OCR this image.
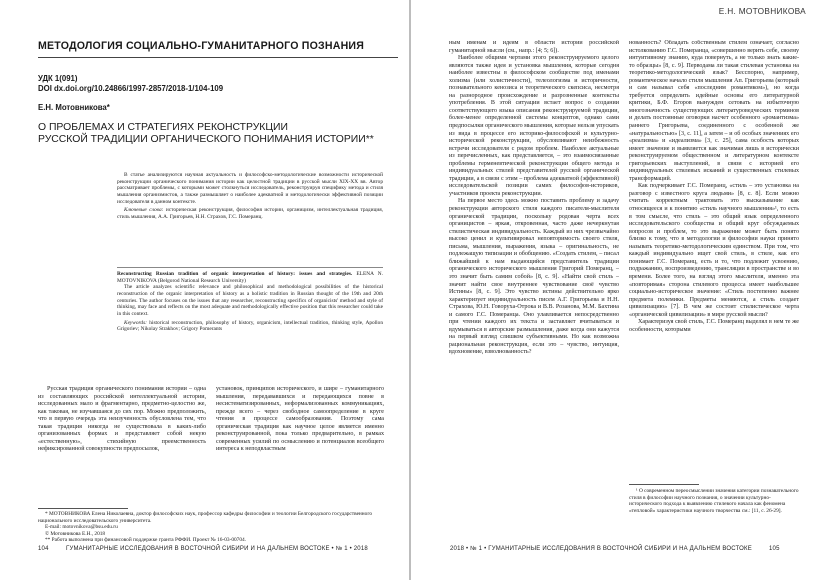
МЕТОДОЛОГИЯ СОЦИАЛЬНО-ГУМАНИТАРНОГО ПОЗНАНИЯ
УДК 1(091)
DOI dx.doi.org/10.24866/1997-2857/2018-1/104-109
Е.Н. Мотовникова*
О ПРОБЛЕМАХ И СТРАТЕГИЯХ РЕКОНСТРУКЦИИ
РУССКОЙ ТРАДИЦИИ ОРГАНИЧЕСКОГО ПОНИМАНИЯ ИСТОРИИ**

В статье анализируются научная актуальность и философско-методологические возможности исторической реконструкции органического понимания истории как целостной традиции в русской мысли XIX-XX вв. Автор рассматривает проблемы, с которыми может столкнуться исследователь, реконструируя специфику метода и стиля мышления организмистов, а также размышляет о наиболее адекватной и методологически эффективной позиции исследователя в данном контексте.

Ключевые слова: историческая реконструкция, философия истории, органицизм, интеллектуальная традиция, стиль мышления, А.А. Григорьев, Н.Н. Страхов, Г.С. Померанц.

Reconstructing Russian tradition of organic interpretation of history: issues and strategies. ELENA N. MOTOVNIKOVA (Belgorod National Research University)

The article analyzes scientific relevance and philosophical and methodological possibilities of the historical reconstruction of the organic interpretation of history as a holistic tradition in Russian thought of the 19th and 20th centuries. The author focuses on the issues that any researcher, reconstructing specifics of organicists' method and style of thinking, may face and reflects on the most adequate and methodologically effective position that this researcher could take in this context.

Keywords: historical reconstruction, philosophy of history, organicism, intellectual tradition, thinking style, Apollon Grigoriev; Nikolay Strakhov; Grigory Pomerants

Русская традиция органического понимания истории – одна из составляющих российской интеллектуальной истории, исследованных мало и фрагментарно, предметно-целостно же, как таковая, не изучавшаяся до сих пор. Можно предположить, что в первую очередь эта неизученность обусловлена тем, что такая традиция никогда не существовала в каких-либо организованных формах и представляет собой некую «естественную», стихийную преемственность нефиксированной совокупности предпосылок,

установок, принципов исторического, и шире – гуманитарного мышления, передававшихся и передающихся повнe в несистематизированных, неформализованных коммуникациях, прежде всего – через свободное самоопределение в круге чтения в процессе самообразования. Поэтому сама органическая традиция как научное целое является именно реконструированной, пока только предварительно, в рамках современных усилий по осмыслению и потенциалов всеобщего интереса к неподвластным

* МОТОВНИКОВА Елена Николаевна, доктор философских наук, профессор кафедры философии и теологии Белгородского государственного национального исследовательского университета.

E-mail: motovnikova@bsu.edu.ru

© Мотовникова Е.Н., 2018

** Работа выполнена при финансовой поддержке гранта РФФИ. Проект № 16-03-00704.

104	ГУМАНИТАРНЫЕ ИССЛЕДОВАНИЯ В ВОСТОЧНОЙ СИБИРИ И НА ДАЛЬНЕМ ВОСТОКЕ • № 1 • 2018
Е.Н. МОТОВНИКОВА

ным именам и идеям в области истории российской гуманитарной мысли (см., напр.: [4; 5; 6]).

Наиболее общими чертами этого реконструируемого целого являются также идея и установка мышления, которые сегодня наиболее известны в философском сообществе под именами холизма (или холистичности), телеологизма и историчности, познавательного кенозиса и теоретического скепсиса, несмотря на разнородное происхождение и разрозненные контексты употребления. В этой ситуации встает вопрос о создании соответствующего языка описания реконструируемой традиции, более-менее определенной системы концептов, однако сами предпосылки органического мышления, которые нельзя упускать из вида в процессе его историко-философской и культурно-исторической реконструкции, обусловливают неизбежность встречи исследователя с рядом проблем. Наиболее актуальные из перечисленных, как представляется, – это взаимосвязанные проблемы герменевтической реконструкции общего метода и индивидуальных стилей представителей русской органической традиции, а в связи с этим – проблема адекватной (эффективной) исследовательской позиции самих философов-историков, участников проекта реконструкции.

На первое место здесь можно поставить проблему и задачу реконструкции авторского стиля каждого писателя-мыслителя органической традиции, поскольку родовая черта всех органицистов – яркая, откровенная, часто даже нечеркнутая стилистическая индивидуальность. Каждый из них чрезвычайно высоко ценил и культивировал неповторимость своего стиля, письма, мышления, выражения, языка – оригинальность, не подлежащую типизации и обобщению. «Создать стилем, – писал ближайший к нам выдающийся представитель традиции органического исторического мышления Григорий Померанц, – это значит быть самим собой» [8, с. 9]. «Найти свой стиль – значит найти свое внутреннее чувствование своё чувство Истины» [8, с. 9]. Это чувство истины действительно ярко характеризует индивидуальность писем А.Г. Григорьева и Н.Н. Страхова, Ю.Н. Говоруха-Отрока и В.В. Розанова, М.М. Бахтина и самого Г.С. Померанца. Оно улавливается непосредственно при чтении каждого их текста и заставляет вчитываться и вдумываться в авторские размышления, даже когда они кажутся на первый взгляд слишком субъективными. Но как возможна рациональная реконструкция, если это – чувство, интуиция, вдохновение, взволнованность?

нованность? Обладать собственным стилем означает, согласно истолкованию Г.С. Померанца, «совершенно верить себе, своему интуитивному знанию, куда повернуть, а не только знать какие-то образцы» [8, с. 9]. Перводама ли такая стилевая установка на теоретико-методологический язык? Бесспорно, например, романтическое начало стиля мышления Ап. Григорьева (который и сам называл себя «последним романтиком»), но когда требуется определить идейные основы его литературной критики, Б.Ф. Егоров вынужден сетовать на избыточную многозначность существующих литературоведческих терминов и делать постоянные оговорки насчет особенного «романтизма» раннего Григорьева, соединенного с особенной же «натуральностью» [3, с. 11], а затем – и об особых значениях его «реализма» и «идеализма» [3, с. 25], сама особость которых имеет значение и выявляется как значимая лишь в исторически реконструируемом общественном и литературном контексте григорьевских выступлений, в связи с историей его индивидуальных стилевых исканий и существенных стилевых трансформаций.

Как подчеркивает Г.С. Померанц, «стиль – это установка на разговор с известного круга людьми» [8, с. 8]. Если можно считать корректным трактовать это высказывание как относящееся и к понятию «стиль научного мышления»¹, то есть в том смысле, что стиль – это общий язык определенного исследовательского сообщества и общий круг обсуждаемых вопросов и проблем, то это выражение может быть понято близко к тому, что в методологии и философии науки принято называть теоретико-методологическим единством. При том, что каждый индивидуально ищет свой стиль, в стиле, как его понимает Г.С. Померанц, есть и то, что подлежит усвоению, подражанию, воспроизведению, трансляции в пространстве и во времени. Более того, на взгляд этого мыслителя, именно эта «повторимая» сторона стилевого процесса имеет наибольшее социально-историческое значение: «Стиль постепенно важнее предмета полемики. Предметы меняются, а стиль создает цивилизацию» [7]. В чем же состоит стилистическое чертa «органической цивилизации» в мире русской мысли?

Характеризуя свой стиль, Г.С. Померанц выделял в нем те же особенности, которыми

¹ О современном переосмыслении значения категории познавательного стиля в философии научного познания, о значении культурно-исторического подхода к выявлению стилевого начала как феномена «тепловой» характеристики научного творчества см.: [11, с. 26-29].

2018 • № 1 • ГУМАНИТАРНЫЕ ИССЛЕДОВАНИЯ В ВОСТОЧНОЙ СИБИРИ И НА ДАЛЬНЕМ ВОСТОКЕ	105
